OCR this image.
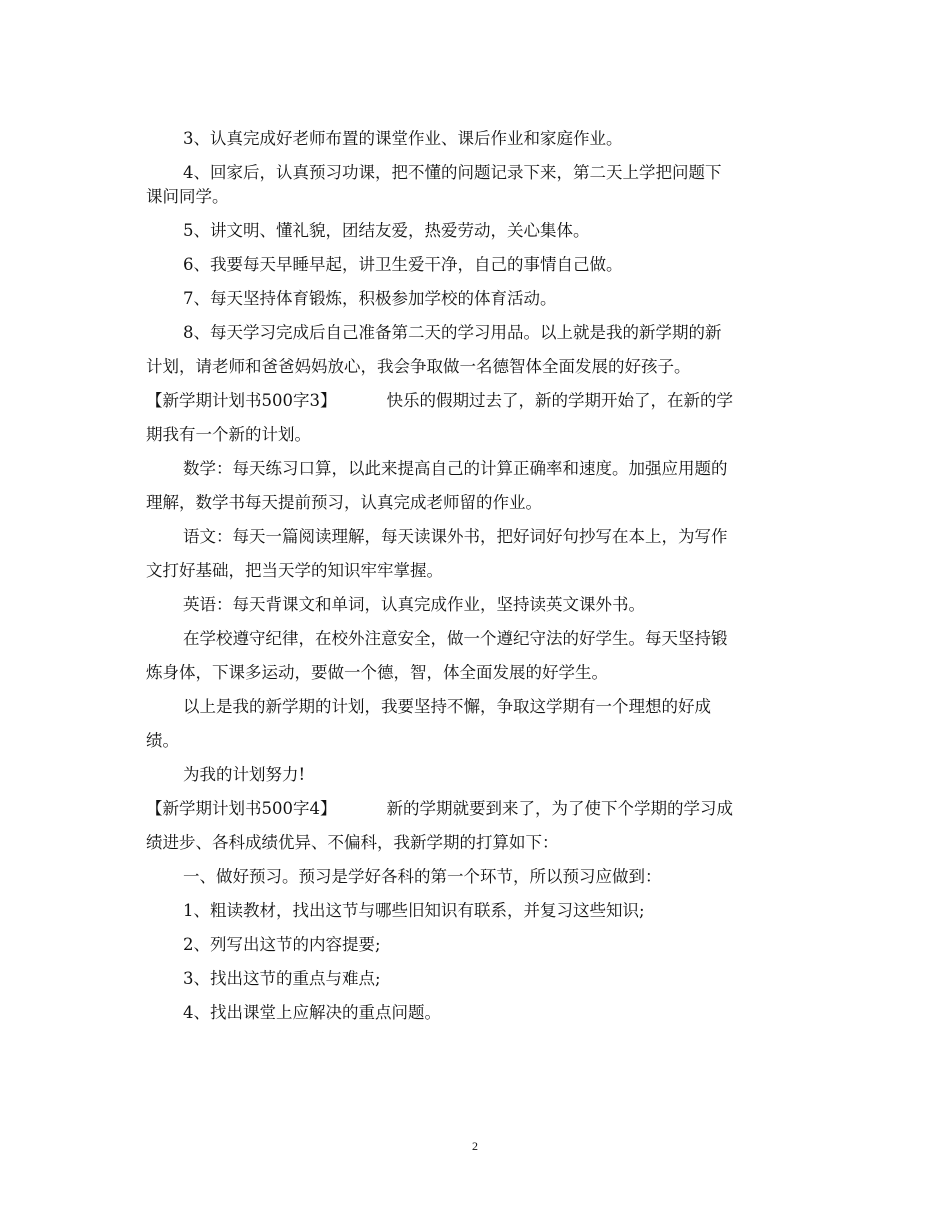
3、认真完成好老师布置的课堂作业、课后作业和家庭作业。

4、回家后，认真预习功课，把不懂的问题记录下来，第二天上学把问题下

课问同学。

5、讲文明、懂礼貌，团结友爱，热爱劳动，关心集体。

6、我要每天早睡早起，讲卫生爱干净，自己的事情自己做。

7、每天坚持体育锻炼，积极参加学校的体育活动。

8、每天学习完成后自己准备第二天的学习用品。以上就是我的新学期的新

计划，请老师和爸爸妈妈放心，我会争取做一名德智体全面发展的好孩子。

【新学期计划书500字3】	快乐的假期过去了，新的学期开始了，在新的学

期我有一个新的计划。

数学：每天练习口算，以此来提高自己的计算正确率和速度。加强应用题的

理解，数学书每天提前预习，认真完成老师留的作业。

语文：每天一篇阅读理解，每天读课外书，把好词好句抄写在本上，为写作

文打好基础，把当天学的知识牢牢掌握。

英语：每天背课文和单词，认真完成作业，坚持读英文课外书。

在学校遵守纪律，在校外注意安全，做一个遵纪守法的好学生。每天坚持锻

炼身体，下课多运动，要做一个德，智，体全面发展的好学生。

以上是我的新学期的计划，我要坚持不懈，争取这学期有一个理想的好成

绩。

为我的计划努力!

【新学期计划书500字4】	新的学期就要到来了，为了使下个学期的学习成

绩进步、各科成绩优异、不偏科，我新学期的打算如下：

一、做好预习。预习是学好各科的第一个环节，所以预习应做到：

1、粗读教材，找出这节与哪些旧知识有联系，并复习这些知识;

2、列写出这节的内容提要;

3、找出这节的重点与难点;

4、找出课堂上应解决的重点问题。

2
